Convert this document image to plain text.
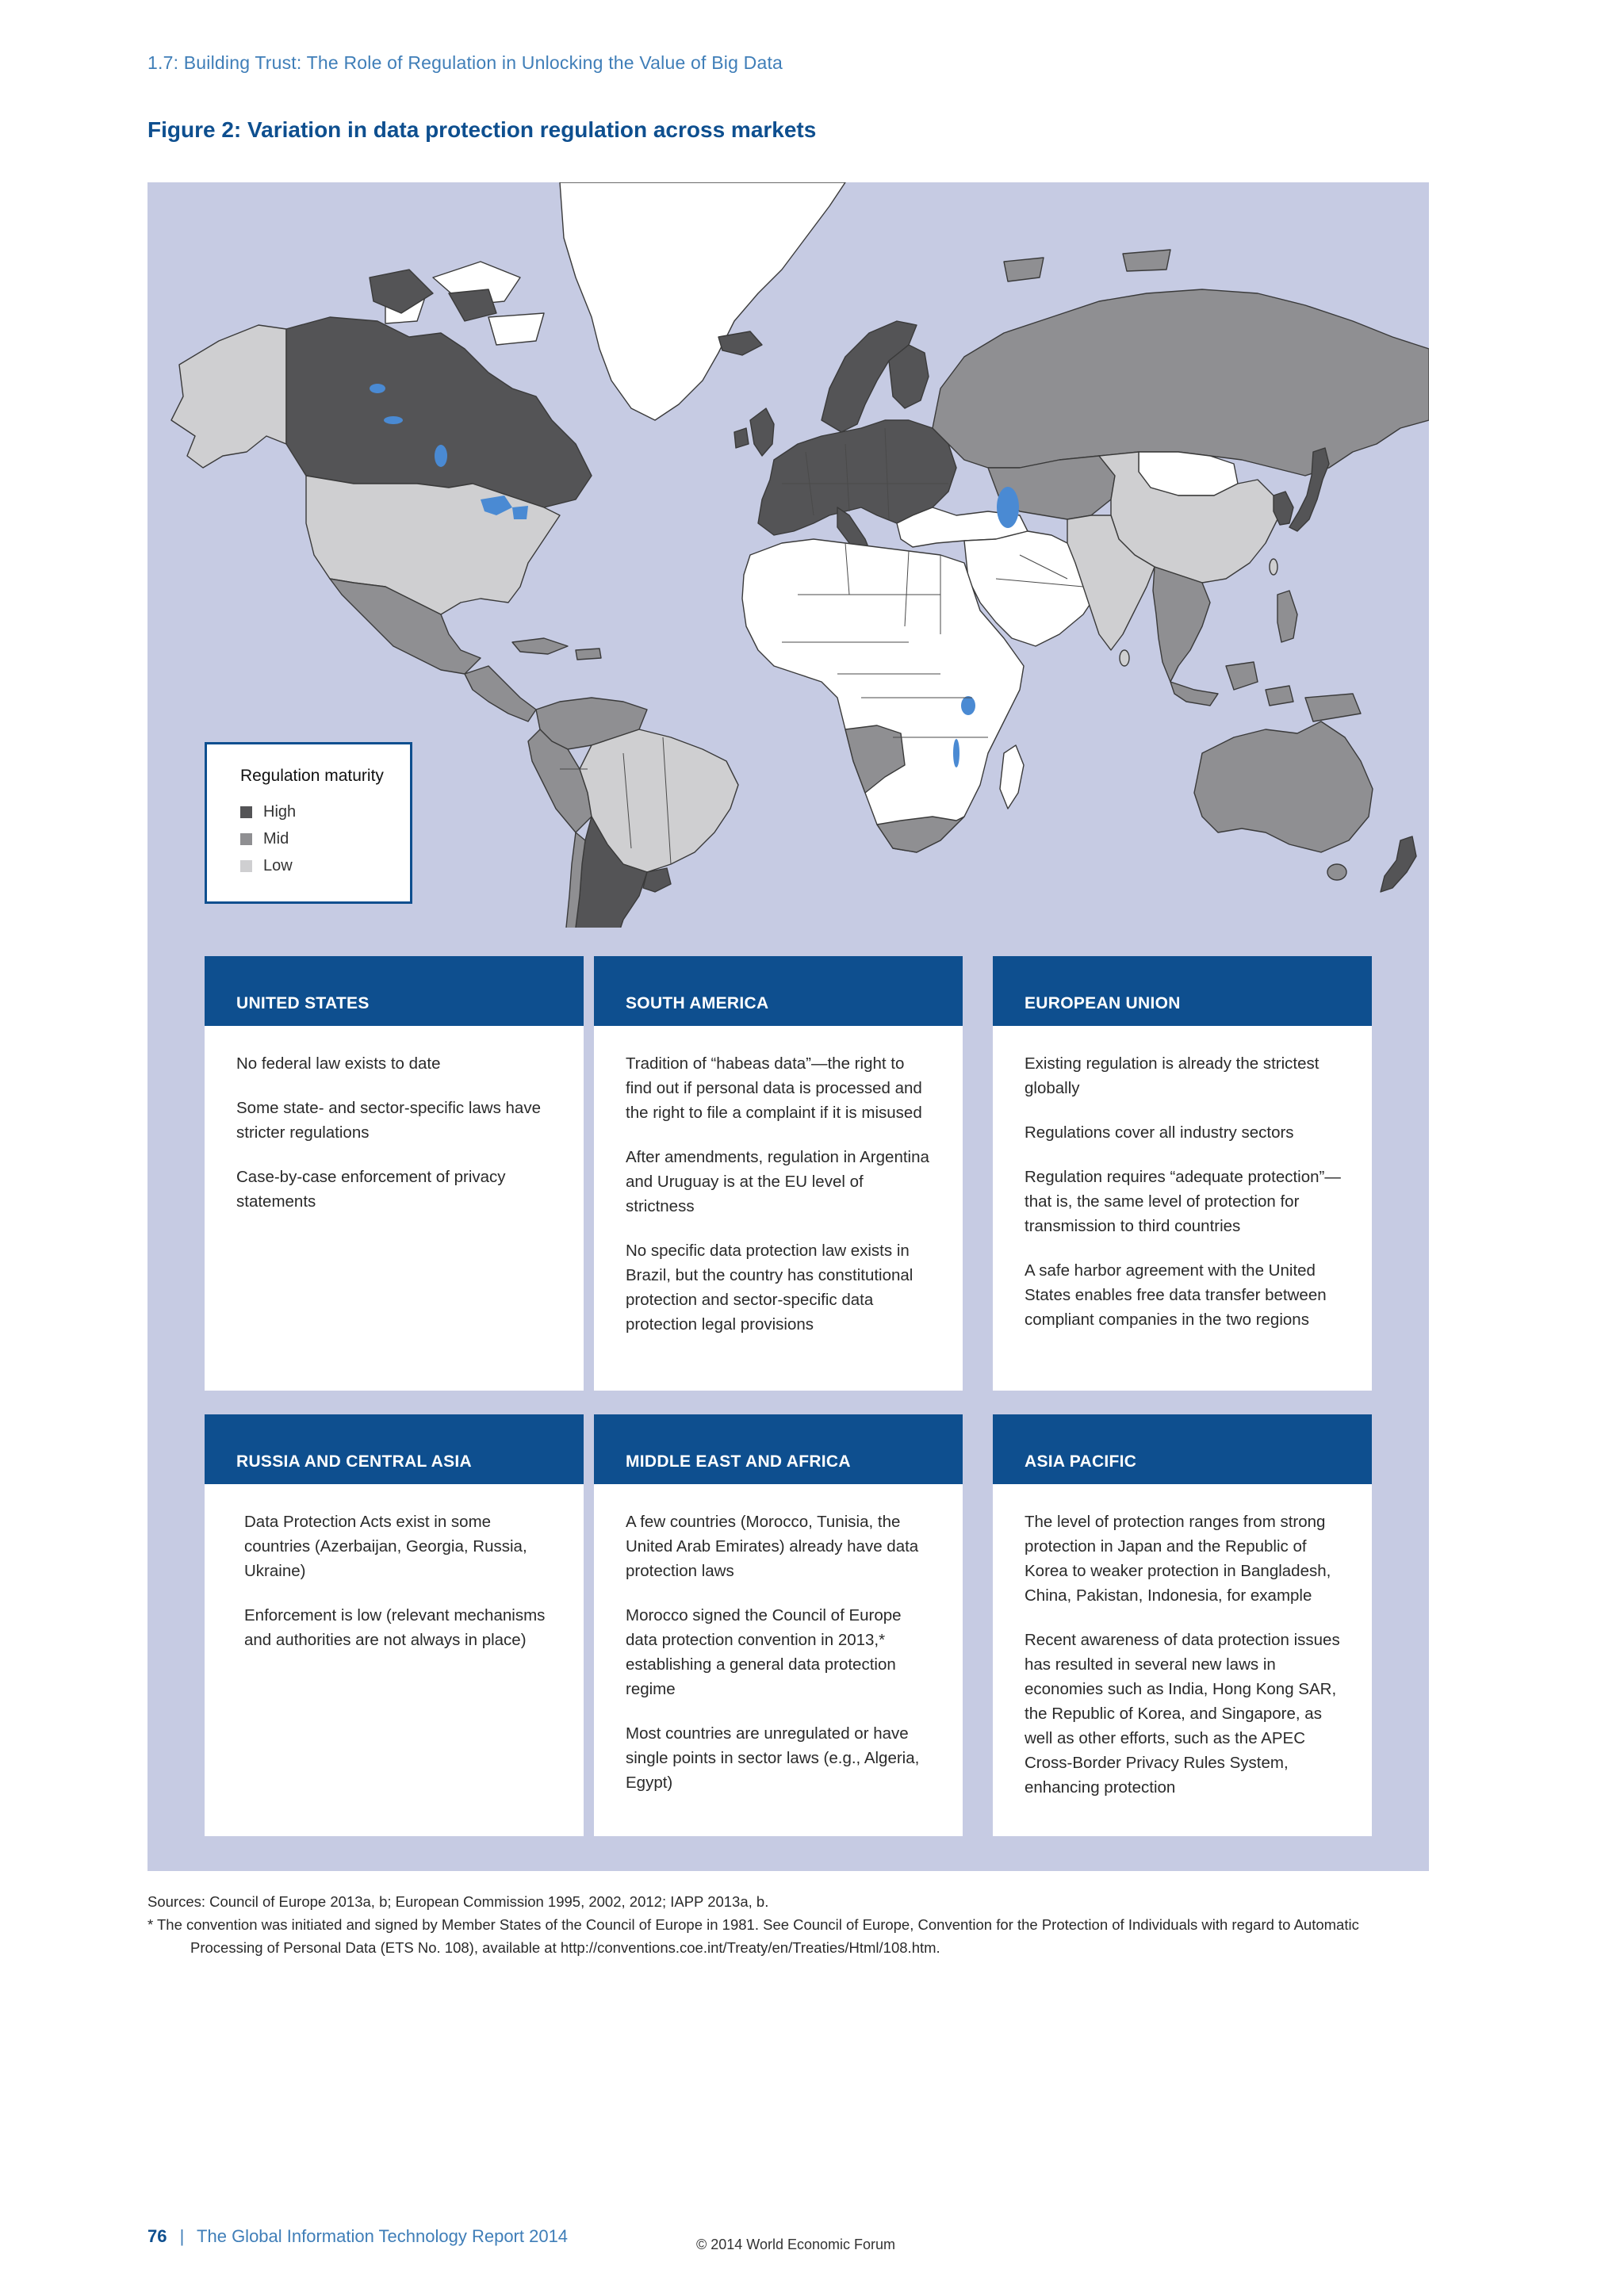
1.7: Building Trust: The Role of Regulation in Unlocking the Value of Big Data
Figure 2: Variation in data protection regulation across markets
Regulation maturity
High
Mid
Low
UNITED STATES

No federal law exists to date

Some state- and sector-specific laws have stricter regulations

Case-by-case enforcement of privacy statements

SOUTH AMERICA

Tradition of “habeas data”—the right to find out if personal data is processed and the right to file a complaint if it is misused

After amendments, regulation in Argentina and Uruguay is at the EU level of strictness

No specific data protection law exists in Brazil, but the country has constitutional protection and sector-specific data protection legal provisions

EUROPEAN UNION

Existing regulation is already the strictest globally

Regulations cover all industry sectors

Regulation requires “adequate protection”—that is, the same level of protection for transmission to third countries

A safe harbor agreement with the United States enables free data transfer between compliant companies in the two regions

RUSSIA AND CENTRAL ASIA

Data Protection Acts exist in some countries (Azerbaijan, Georgia, Russia, Ukraine)

Enforcement is low (relevant mechanisms and authorities are not always in place)

MIDDLE EAST AND AFRICA

A few countries (Morocco, Tunisia, the United Arab Emirates) already have data protection laws

Morocco signed the Council of Europe data protection convention in 2013,* establishing a general data protection regime

Most countries are unregulated or have single points in sector laws (e.g., Algeria, Egypt)

ASIA PACIFIC

The level of protection ranges from strong protection in Japan and the Republic of Korea to weaker protection in Bangladesh, China, Pakistan, Indonesia, for example

Recent awareness of data protection issues has resulted in several new laws in economies such as India, Hong Kong SAR, the Republic of Korea, and Singapore, as well as other efforts, such as the APEC Cross-Border Privacy Rules System, enhancing protection

Sources: Council of Europe 2013a, b; European Commission 1995, 2002, 2012; IAPP 2013a, b.
* The convention was initiated and signed by Member States of the Council of Europe in 1981. See Council of Europe, Convention for the Protection of Individuals with regard to Automatic
Processing of Personal Data (ETS No. 108), available at http://conventions.coe.int/Treaty/en/Treaties/Html/108.htm.
76 | The Global Information Technology Report 2014	© 2014 World Economic Forum
